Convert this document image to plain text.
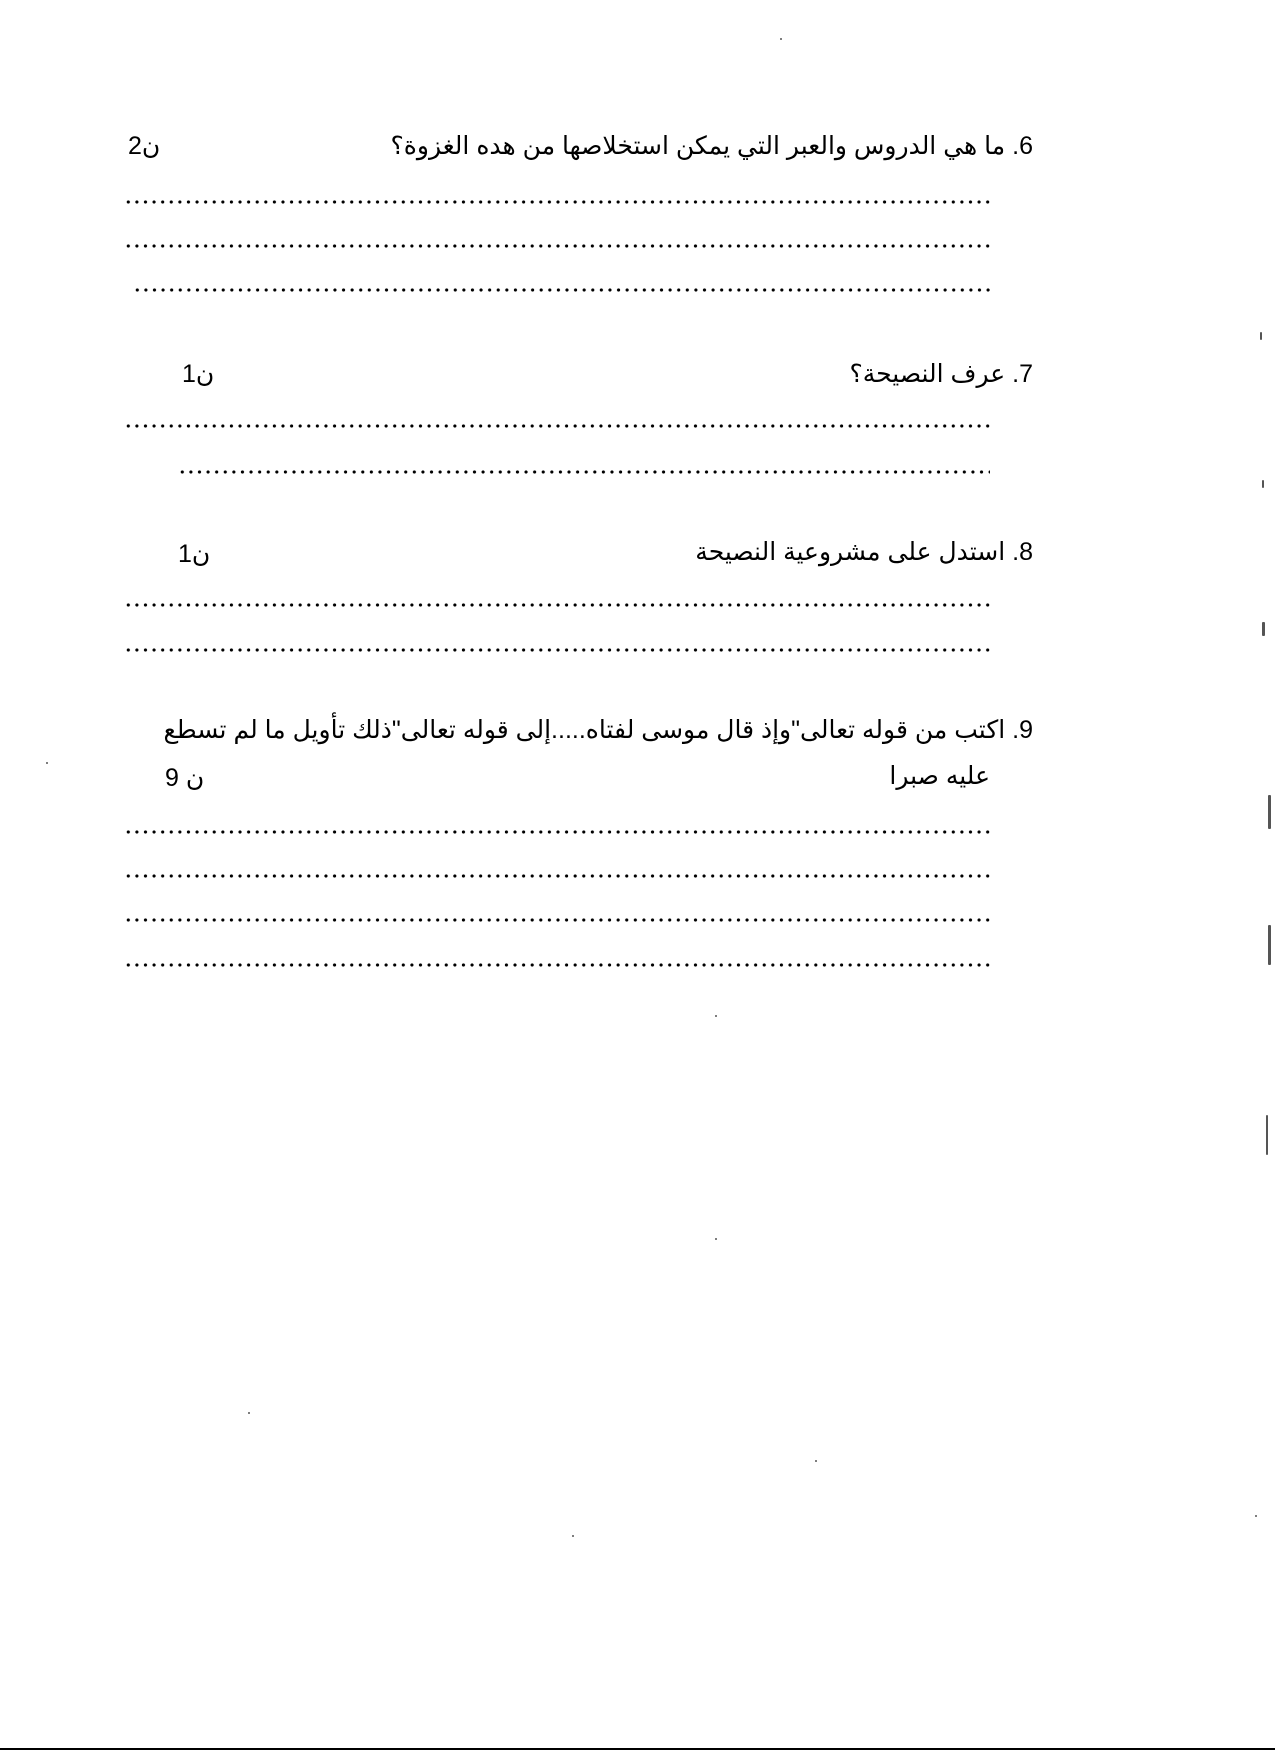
6. ما هي الدروس والعبر التي يمكن استخلاصها من هده الغزوة؟
2ن
7. عرف النصيحة؟
1ن
8. استدل على مشروعية النصيحة
1ن
9. اكتب من قوله تعالى"وإذ قال موسى لفتاه.....إلى قوله تعالى"ذلك تأويل ما لم تسطع
عليه صبرا
9 ن
